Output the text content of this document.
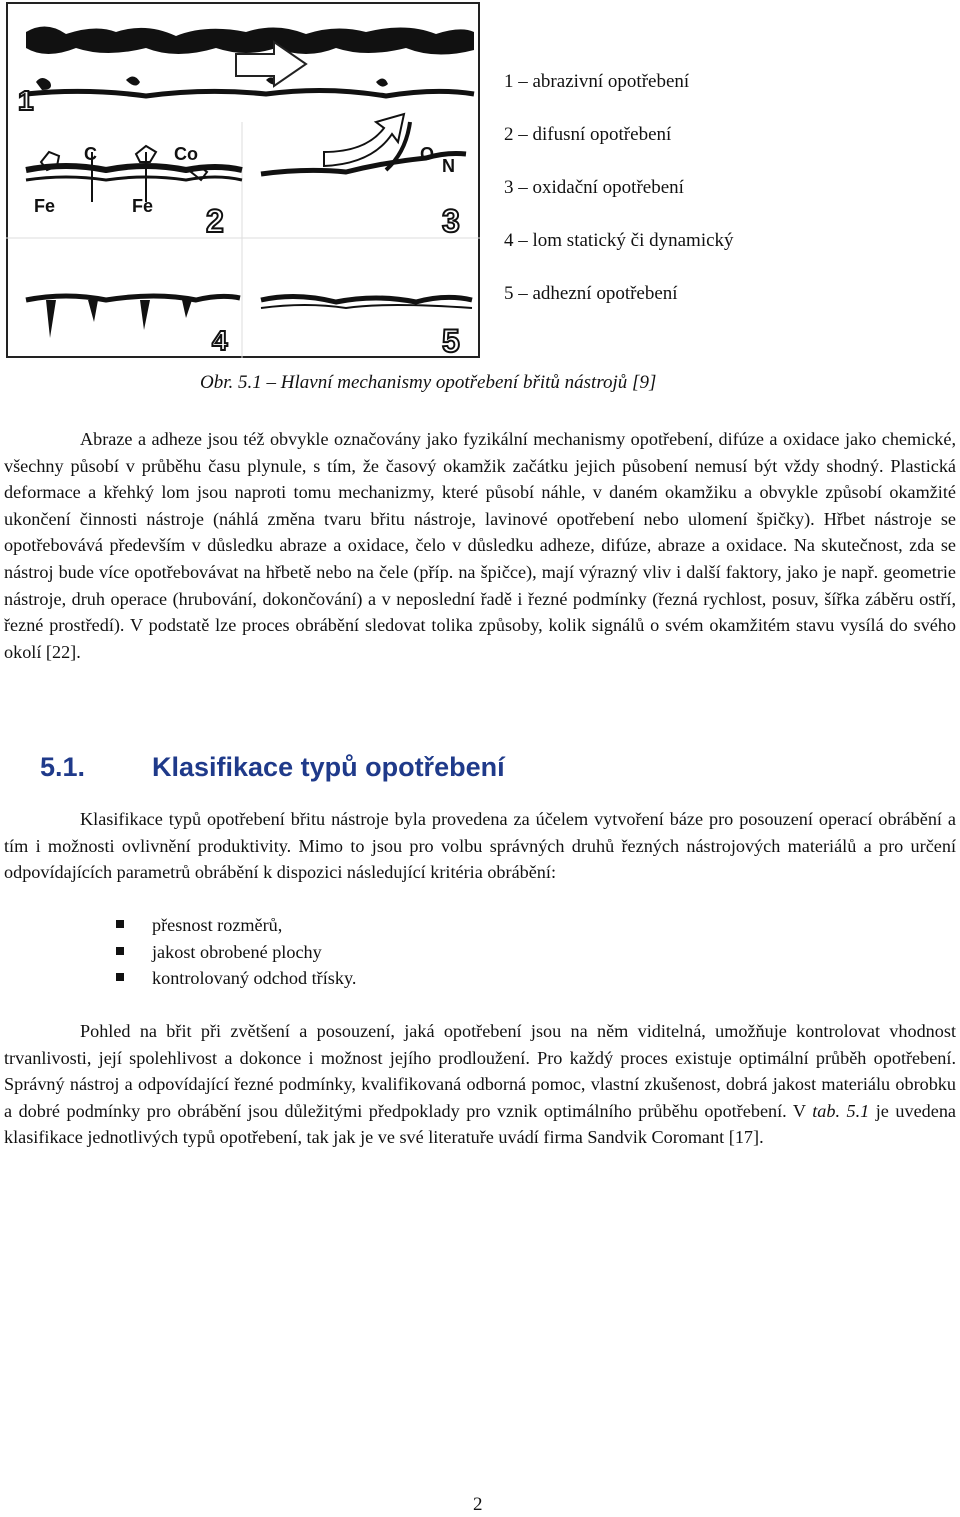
1
C	Co
Fe	Fe 2
O
N
3
4	5
1 – abrazivní opotřebení
2 – difusní opotřebení
3 – oxidační opotřebení
4 – lom statický či dynamický
5 – adhezní opotřebení
Obr. 5.1 – Hlavní mechanismy opotřebení břitů nástrojů [9]
Abraze a adheze jsou též obvykle označovány jako fyzikální mechanismy opotřebení, difúze a oxidace jako chemické, všechny působí v průběhu času plynule, s tím, že časový okamžik začátku jejich působení nemusí být vždy shodný. Plastická deformace a křehký lom jsou naproti tomu mechanizmy, které působí náhle, v daném okamžiku a obvykle způsobí okamžité ukončení činnosti nástroje (náhlá změna tvaru břitu nástroje, lavinové opotřebení nebo ulomení špičky). Hřbet nástroje se opotřebovává především v důsledku abraze a oxidace, čelo v důsledku adheze, difúze, abraze a oxidace. Na skutečnost, zda se nástroj bude více opotřebovávat na hřbetě nebo na čele (příp. na špičce), mají výrazný vliv i další faktory, jako je např. geometrie nástroje, druh operace (hrubování, dokončování) a v neposlední řadě i řezné podmínky (řezná rychlost, posuv, šířka záběru ostří, řezné prostředí). V podstatě lze proces obrábění sledovat tolika způsoby, kolik signálů o svém okamžitém stavu vysílá do svého okolí [22].
5.1. Klasifikace typů opotřebení
Klasifikace typů opotřebení břitu nástroje byla provedena za účelem vytvoření báze pro posouzení operací obrábění a tím i možnosti ovlivnění produktivity. Mimo to jsou pro volbu správných druhů řezných nástrojových materiálů a pro určení odpovídajících parametrů obrábění k dispozici následující kritéria obrábění:
přesnost rozměrů,
jakost obrobené plochy
kontrolovaný odchod třísky.
Pohled na břit při zvětšení a posouzení, jaká opotřebení jsou na něm viditelná, umožňuje kontrolovat vhodnost trvanlivosti, její spolehlivost a dokonce i možnost jejího prodloužení. Pro každý proces existuje optimální průběh opotřebení. Správný nástroj a odpovídající řezné podmínky, kvalifikovaná odborná pomoc, vlastní zkušenost, dobrá jakost materiálu obrobku a dobré podmínky pro obrábění jsou důležitými předpoklady pro vznik optimálního průběhu opotřebení. V tab. 5.1 je uvedena klasifikace jednotlivých typů opotřebení, tak jak je ve své literatuře uvádí firma Sandvik Coromant [17].
2
